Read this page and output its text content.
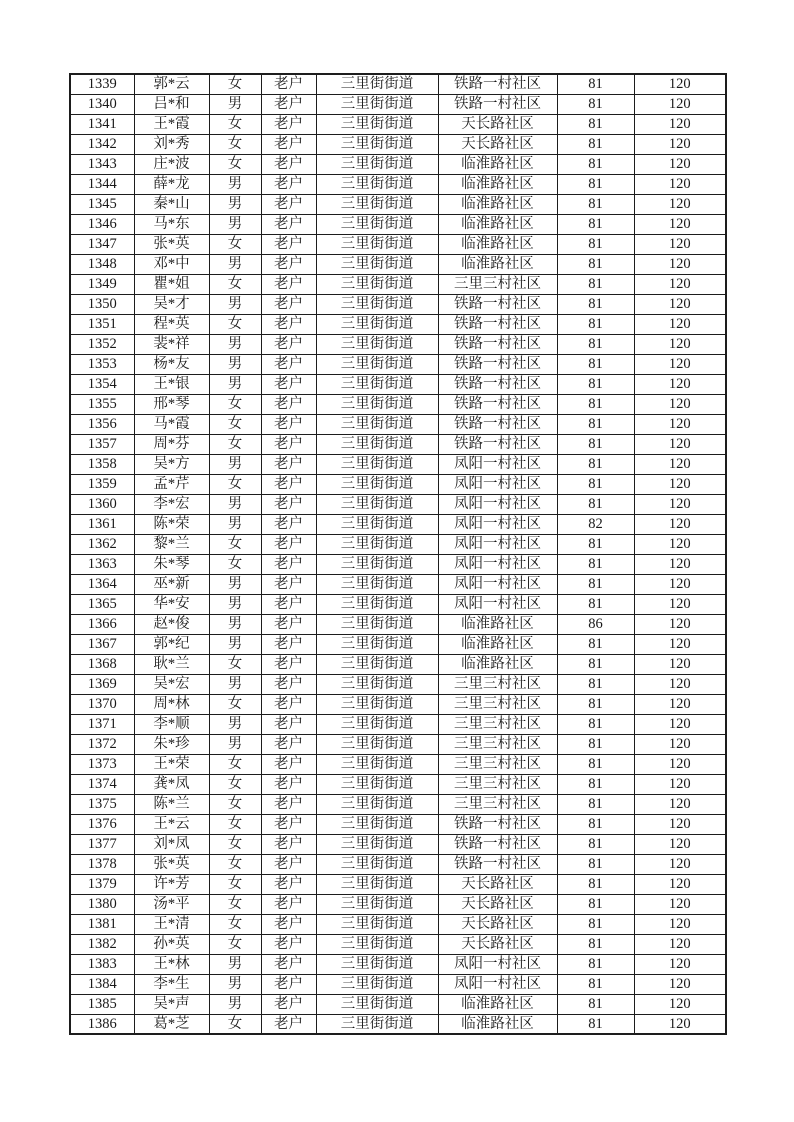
1339	郭*云	女	老户	三里街街道	铁路一村社区	81	120
1340	吕*和	男	老户	三里街街道	铁路一村社区	81	120
1341	王*霞	女	老户	三里街街道	天长路社区	81	120
1342	刘*秀	女	老户	三里街街道	天长路社区	81	120
1343	庄*波	女	老户	三里街街道	临淮路社区	81	120
1344	薛*龙	男	老户	三里街街道	临淮路社区	81	120
1345	秦*山	男	老户	三里街街道	临淮路社区	81	120
1346	马*东	男	老户	三里街街道	临淮路社区	81	120
1347	张*英	女	老户	三里街街道	临淮路社区	81	120
1348	邓*中	男	老户	三里街街道	临淮路社区	81	120
1349	瞿*姐	女	老户	三里街街道	三里三村社区	81	120
1350	吴*才	男	老户	三里街街道	铁路一村社区	81	120
1351	程*英	女	老户	三里街街道	铁路一村社区	81	120
1352	裴*祥	男	老户	三里街街道	铁路一村社区	81	120
1353	杨*友	男	老户	三里街街道	铁路一村社区	81	120
1354	王*银	男	老户	三里街街道	铁路一村社区	81	120
1355	邢*琴	女	老户	三里街街道	铁路一村社区	81	120
1356	马*霞	女	老户	三里街街道	铁路一村社区	81	120
1357	周*芬	女	老户	三里街街道	铁路一村社区	81	120
1358	吴*方	男	老户	三里街街道	凤阳一村社区	81	120
1359	孟*芹	女	老户	三里街街道	凤阳一村社区	81	120
1360	李*宏	男	老户	三里街街道	凤阳一村社区	81	120
1361	陈*荣	男	老户	三里街街道	凤阳一村社区	82	120
1362	黎*兰	女	老户	三里街街道	凤阳一村社区	81	120
1363	朱*琴	女	老户	三里街街道	凤阳一村社区	81	120
1364	巫*新	男	老户	三里街街道	凤阳一村社区	81	120
1365	华*安	男	老户	三里街街道	凤阳一村社区	81	120
1366	赵*俊	男	老户	三里街街道	临淮路社区	86	120
1367	郭*纪	男	老户	三里街街道	临淮路社区	81	120
1368	耿*兰	女	老户	三里街街道	临淮路社区	81	120
1369	吴*宏	男	老户	三里街街道	三里三村社区	81	120
1370	周*林	女	老户	三里街街道	三里三村社区	81	120
1371	李*顺	男	老户	三里街街道	三里三村社区	81	120
1372	朱*珍	男	老户	三里街街道	三里三村社区	81	120
1373	王*荣	女	老户	三里街街道	三里三村社区	81	120
1374	龚*凤	女	老户	三里街街道	三里三村社区	81	120
1375	陈*兰	女	老户	三里街街道	三里三村社区	81	120
1376	王*云	女	老户	三里街街道	铁路一村社区	81	120
1377	刘*凤	女	老户	三里街街道	铁路一村社区	81	120
1378	张*英	女	老户	三里街街道	铁路一村社区	81	120
1379	许*芳	女	老户	三里街街道	天长路社区	81	120
1380	汤*平	女	老户	三里街街道	天长路社区	81	120
1381	王*清	女	老户	三里街街道	天长路社区	81	120
1382	孙*英	女	老户	三里街街道	天长路社区	81	120
1383	王*林	男	老户	三里街街道	凤阳一村社区	81	120
1384	李*生	男	老户	三里街街道	凤阳一村社区	81	120
1385	吴*声	男	老户	三里街街道	临淮路社区	81	120
1386	葛*芝	女	老户	三里街街道	临淮路社区	81	120
